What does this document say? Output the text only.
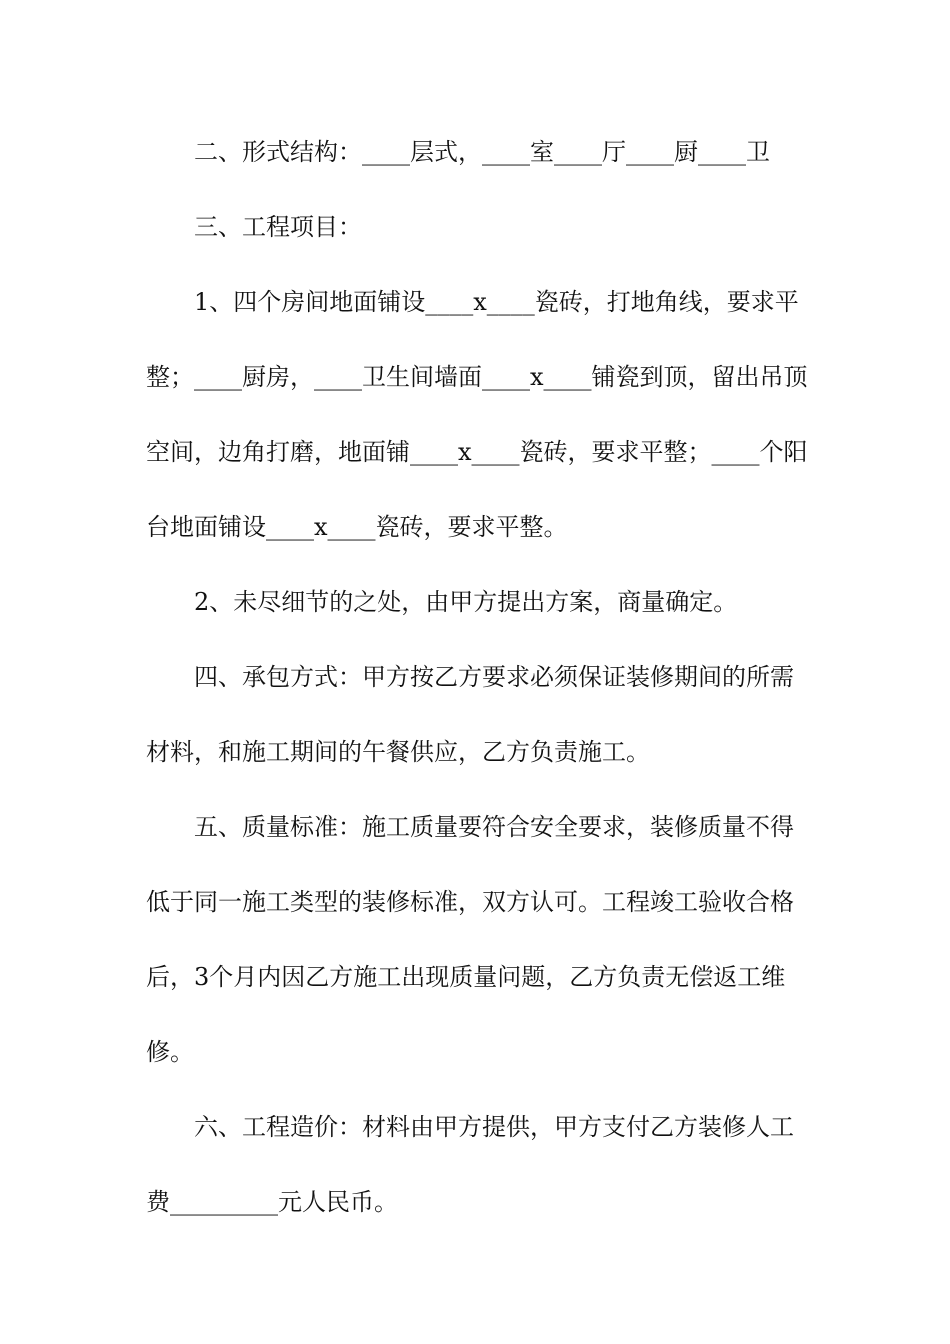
二、形式结构：____层式，____室____厅____厨____卫
三、工程项目：
1、四个房间地面铺设____x____瓷砖，打地角线，要求平
整；____厨房，____卫生间墙面____x____铺瓷到顶，留出吊顶
空间，边角打磨，地面铺____x____瓷砖，要求平整；____个阳
台地面铺设____x____瓷砖，要求平整。
2、未尽细节的之处，由甲方提出方案，商量确定。
四、承包方式：甲方按乙方要求必须保证装修期间的所需
材料，和施工期间的午餐供应，乙方负责施工。
五、质量标准：施工质量要符合安全要求，装修质量不得
低于同一施工类型的装修标准，双方认可。工程竣工验收合格
后，3个月内因乙方施工出现质量问题，乙方负责无偿返工维
修。
六、工程造价：材料由甲方提供，甲方支付乙方装修人工
费_________元人民币。
